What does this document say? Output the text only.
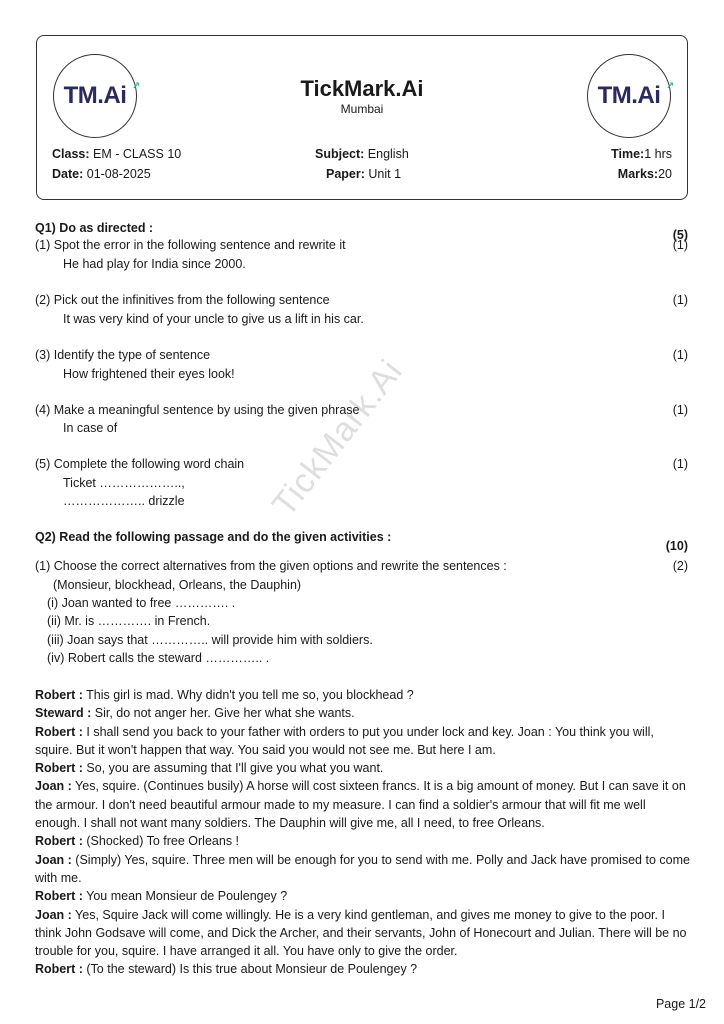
TM.Ai ↗	TM.Ai ↗
TickMark.Ai
Mumbai
Class: EM - CLASS 10
Date: 01-08-2025
Subject: English
Paper: Unit 1
Time:1 hrs
Marks:20
TickMark.Ai
Q1) Do as directed :	(5)
(1) Spot the error in the following sentence and rewrite it	(1)
He had play for India since 2000.
(2) Pick out the infinitives from the following sentence	(1)
It was very kind of your uncle to give us a lift in his car.
(3) Identify the type of sentence	(1)
How frightened their eyes look!
(4) Make a meaningful sentence by using the given phrase	(1)
In case of
(5) Complete the following word chain	(1)
Ticket ………………..,
……………….. drizzle
Q2) Read the following passage and do the given activities :
(10)
(1) Choose the correct alternatives from the given options and rewrite the sentences :	(2)
(Monsieur, blockhead, Orleans, the Dauphin)
(i) Joan wanted to free …………. .
(ii) Mr. is …………. in French.
(iii) Joan says that ………….. will provide him with soldiers.
(iv) Robert calls the steward ………….. .

Robert : This girl is mad. Why didn't you tell me so, you blockhead ?

Steward : Sir, do not anger her. Give her what she wants.

Robert : I shall send you back to your father with orders to put you under lock and key. Joan : You think you will, squire. But it won't happen that way. You said you would not see me. But here I am.

Robert : So, you are assuming that I'll give you what you want.

Joan : Yes, squire. (Continues busily) A horse will cost sixteen francs. It is a big amount of money. But I can save it on the armour. I don't need beautiful armour made to my measure. I can find a soldier's armour that will fit me well enough. I shall not want many soldiers. The Dauphin will give me, all I need, to free Orleans.

Robert : (Shocked) To free Orleans !

Joan : (Simply) Yes, squire. Three men will be enough for you to send with me. Polly and Jack have promised to come with me.

Robert : You mean Monsieur de Poulengey ?

Joan : Yes, Squire Jack will come willingly. He is a very kind gentleman, and gives me money to give to the poor. I think John Godsave will come, and Dick the Archer, and their servants, John of Honecourt and Julian. There will be no trouble for you, squire. I have arranged it all. You have only to give the order.

Robert : (To the steward) Is this true about Monsieur de Poulengey ?

Page 1/2
